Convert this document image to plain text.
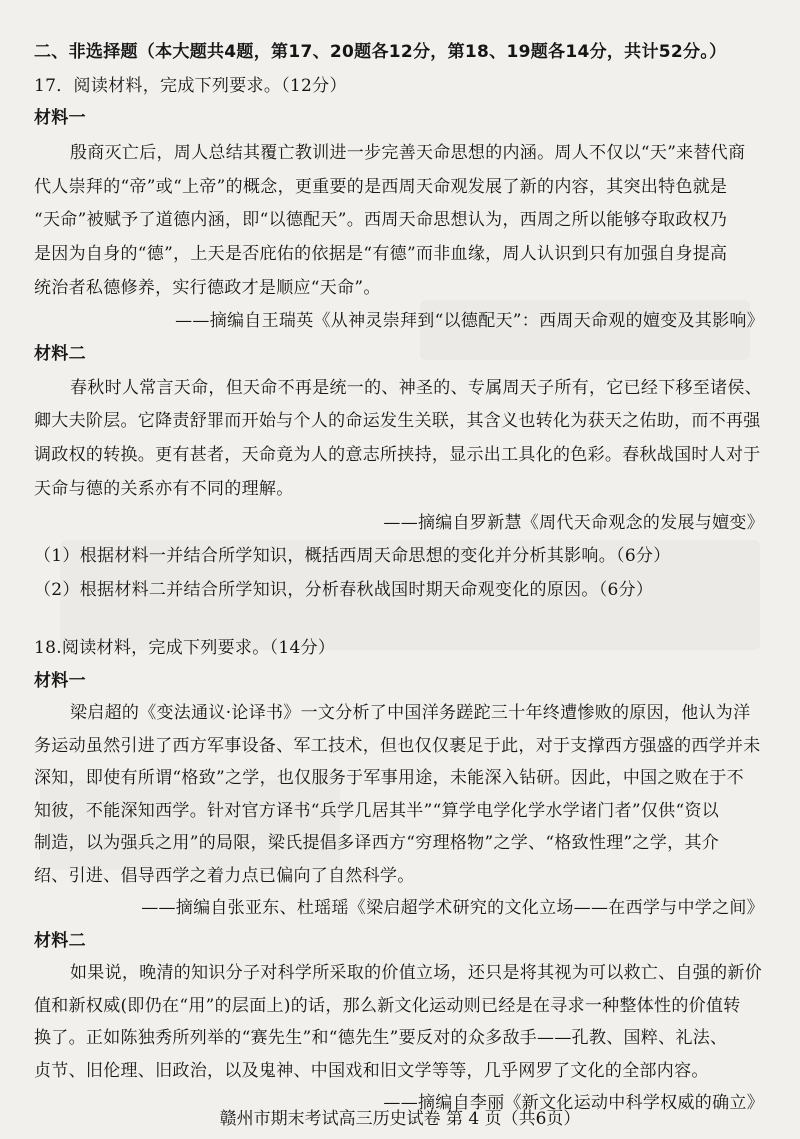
二、非选择题（本大题共4题，第17、20题各12分，第18、19题各14分，共计52分。）
17．阅读材料，完成下列要求。（12分）
材料一
殷商灭亡后，周人总结其覆亡教训进一步完善天命思想的内涵。周人不仅以“天”来替代商
代人崇拜的“帝”或“上帝”的概念，更重要的是西周天命观发展了新的内容，其突出特色就是
“天命”被赋予了道德内涵，即“以德配天”。西周天命思想认为，西周之所以能够夺取政权乃
是因为自身的“德”，上天是否庇佑的依据是“有德”而非血缘，周人认识到只有加强自身提高
统治者私德修养，实行德政才是顺应“天命”。
——摘编自王瑞英《从神灵崇拜到“以德配天”：西周天命观的嬗变及其影响》
材料二
春秋时人常言天命，但天命不再是统一的、神圣的、专属周天子所有，它已经下移至诸侯、
卿大夫阶层。它降责舒罪而开始与个人的命运发生关联，其含义也转化为获天之佑助，而不再强
调政权的转换。更有甚者，天命竟为人的意志所挟持，显示出工具化的色彩。春秋战国时人对于
天命与德的关系亦有不同的理解。
——摘编自罗新慧《周代天命观念的发展与嬗变》
（1）根据材料一并结合所学知识，概括西周天命思想的变化并分析其影响。（6分）
（2）根据材料二并结合所学知识，分析春秋战国时期天命观变化的原因。（6分）
18.阅读材料，完成下列要求。（14分）
材料一
梁启超的《变法通议·论译书》一文分析了中国洋务蹉跎三十年终遭惨败的原因，他认为洋
务运动虽然引进了西方军事设备、军工技术，但也仅仅裹足于此，对于支撑西方强盛的西学并未
深知，即使有所谓“格致”之学，也仅服务于军事用途，未能深入钻研。因此，中国之败在于不
知彼，不能深知西学。针对官方译书“兵学几居其半”“算学电学化学水学诸门者”仅供“资以
制造，以为强兵之用”的局限，梁氏提倡多译西方“穷理格物”之学、“格致性理”之学，其介
绍、引进、倡导西学之着力点已偏向了自然科学。
——摘编自张亚东、杜瑶瑶《梁启超学术研究的文化立场——在西学与中学之间》
材料二
如果说，晚清的知识分子对科学所采取的价值立场，还只是将其视为可以救亡、自强的新价
值和新权威(即仍在“用”的层面上)的话，那么新文化运动则已经是在寻求一种整体性的价值转
换了。正如陈独秀所列举的“赛先生”和“德先生”要反对的众多敌手——孔教、国粹、礼法、
贞节、旧伦理、旧政治，以及鬼神、中国戏和旧文学等等，几乎网罗了文化的全部内容。
——摘编自李丽《新文化运动中科学权威的确立》
赣州市期末考试高三历史试卷 第 4 页（共6页）
